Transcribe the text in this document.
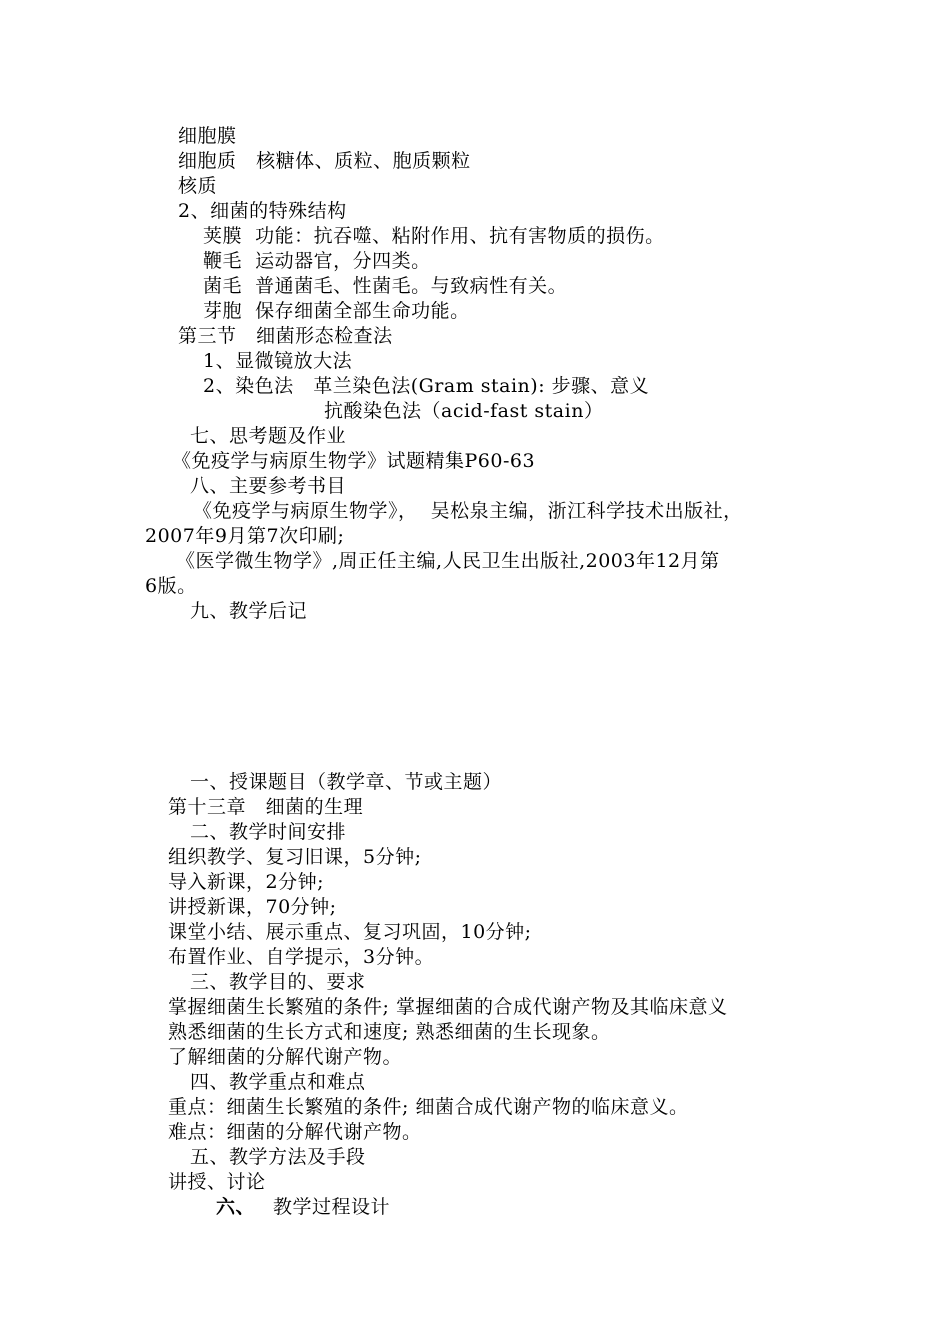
细胞膜
细胞质   核糖体、质粒、胞质颗粒
核质
2、细菌的特殊结构
荚膜  功能：抗吞噬、粘附作用、抗有害物质的损伤。
鞭毛  运动器官，分四类。
菌毛  普通菌毛、性菌毛。与致病性有关。
芽胞  保存细菌全部生命功能。
第三节   细菌形态检查法
1、显微镜放大法
2、染色法   革兰染色法(Gram stain): 步骤、意义
抗酸染色法（acid-fast stain）
七、思考题及作业
《免疫学与病原生物学》试题精集P60-63
八、主要参考书目
《免疫学与病原生物学》，  吴松泉主编，浙江科学技术出版社，
2007年9月第7次印刷;
《医学微生物学》,周正任主编,人民卫生出版社,2003年12月第
6版。
九、教学后记
一、授课题目（教学章、节或主题）
第十三章   细菌的生理
二、教学时间安排
组织教学、复习旧课，5分钟;
导入新课，2分钟;
讲授新课，70分钟;
课堂小结、展示重点、复习巩固，10分钟;
布置作业、自学提示，3分钟。
三、教学目的、要求
掌握细菌生长繁殖的条件; 掌握细菌的合成代谢产物及其临床意义
熟悉细菌的生长方式和速度; 熟悉细菌的生长现象。
了解细菌的分解代谢产物。
四、教学重点和难点
重点：细菌生长繁殖的条件; 细菌合成代谢产物的临床意义。
难点：细菌的分解代谢产物。
五、教学方法及手段
讲授、讨论
六、 教学过程设计
